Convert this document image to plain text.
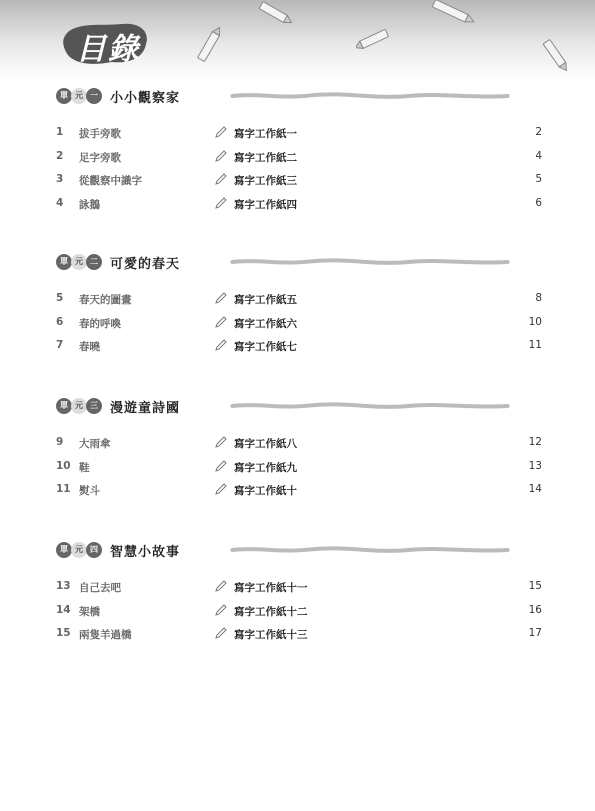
目錄
單 元 一 小小觀察家
1	拔手旁歌	寫字工作紙一	2
2	足字旁歌	寫字工作紙二	4
3	從觀察中識字	寫字工作紙三	5
4	詠鵝	寫字工作紙四	6
單 元 二 可愛的春天
5	春天的圖畫	寫字工作紙五	8
6	春的呼喚	寫字工作紙六	10
7	春曉	寫字工作紙七	11
單 元 三 漫遊童詩國
9	大雨傘	寫字工作紙八	12
10 鞋	寫字工作紙九	13
11 熨斗	寫字工作紙十	14
單 元 四 智慧小故事
13 自己去吧	寫字工作紙十一	15
14 架橋	寫字工作紙十二	16
15 兩隻羊過橋	寫字工作紙十三	17
